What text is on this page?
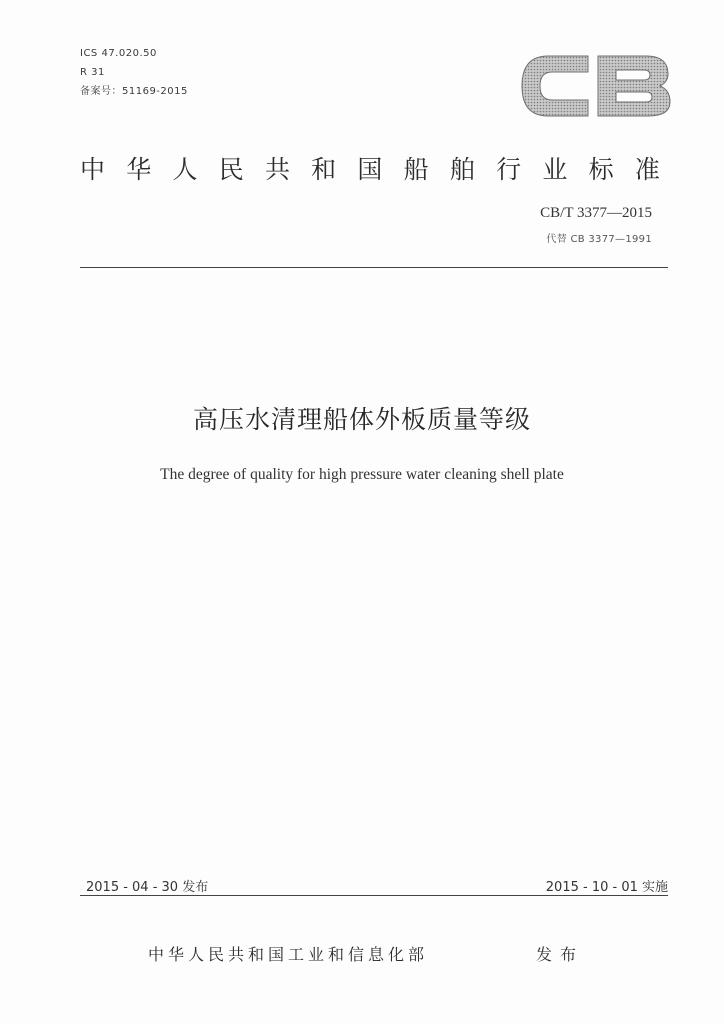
ICS 47.020.50
R 31
备案号：51169-2015
中 华 人 民 共 和 国 船 舶 行 业 标 准
CB/T 3377—2015
代替 CB 3377—1991
高压水清理船体外板质量等级
The degree of quality for high pressure water cleaning shell plate
2015 - 04 - 30 发布	2015 - 10 - 01 实施
中华人民共和国工业和信息化部	发布
